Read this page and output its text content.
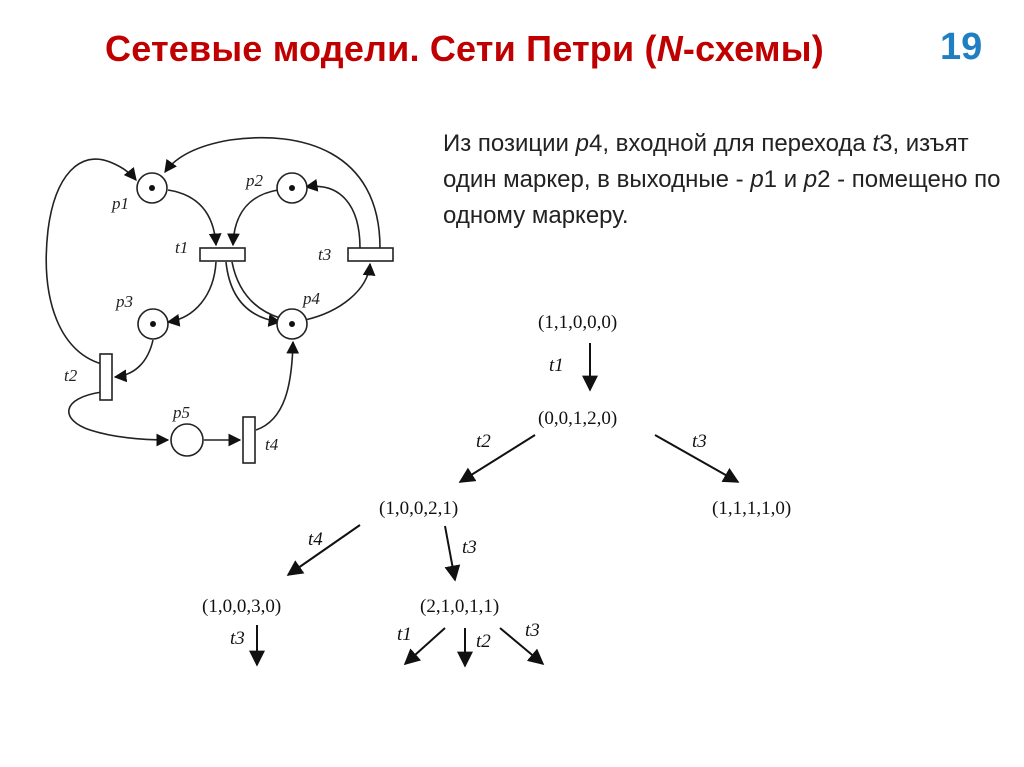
Сетевые модели. Сети Петри (N-схемы)	19
Из позиции p4, входной для перехода t3, изъят один маркер, в выходные - p1 и p2 - помещено по одному маркеру.
p1
p2
p3	p4
p5
t1
t2
t3
t4
(1,1,0,0,0)
(0,0,1,2,0)
(1,0,0,2,1)	(1,1,1,1,0)
(1,0,0,3,0)	(2,1,0,1,1)
t1
t2	t3
t4	t3
t3	t1	t2
t3
